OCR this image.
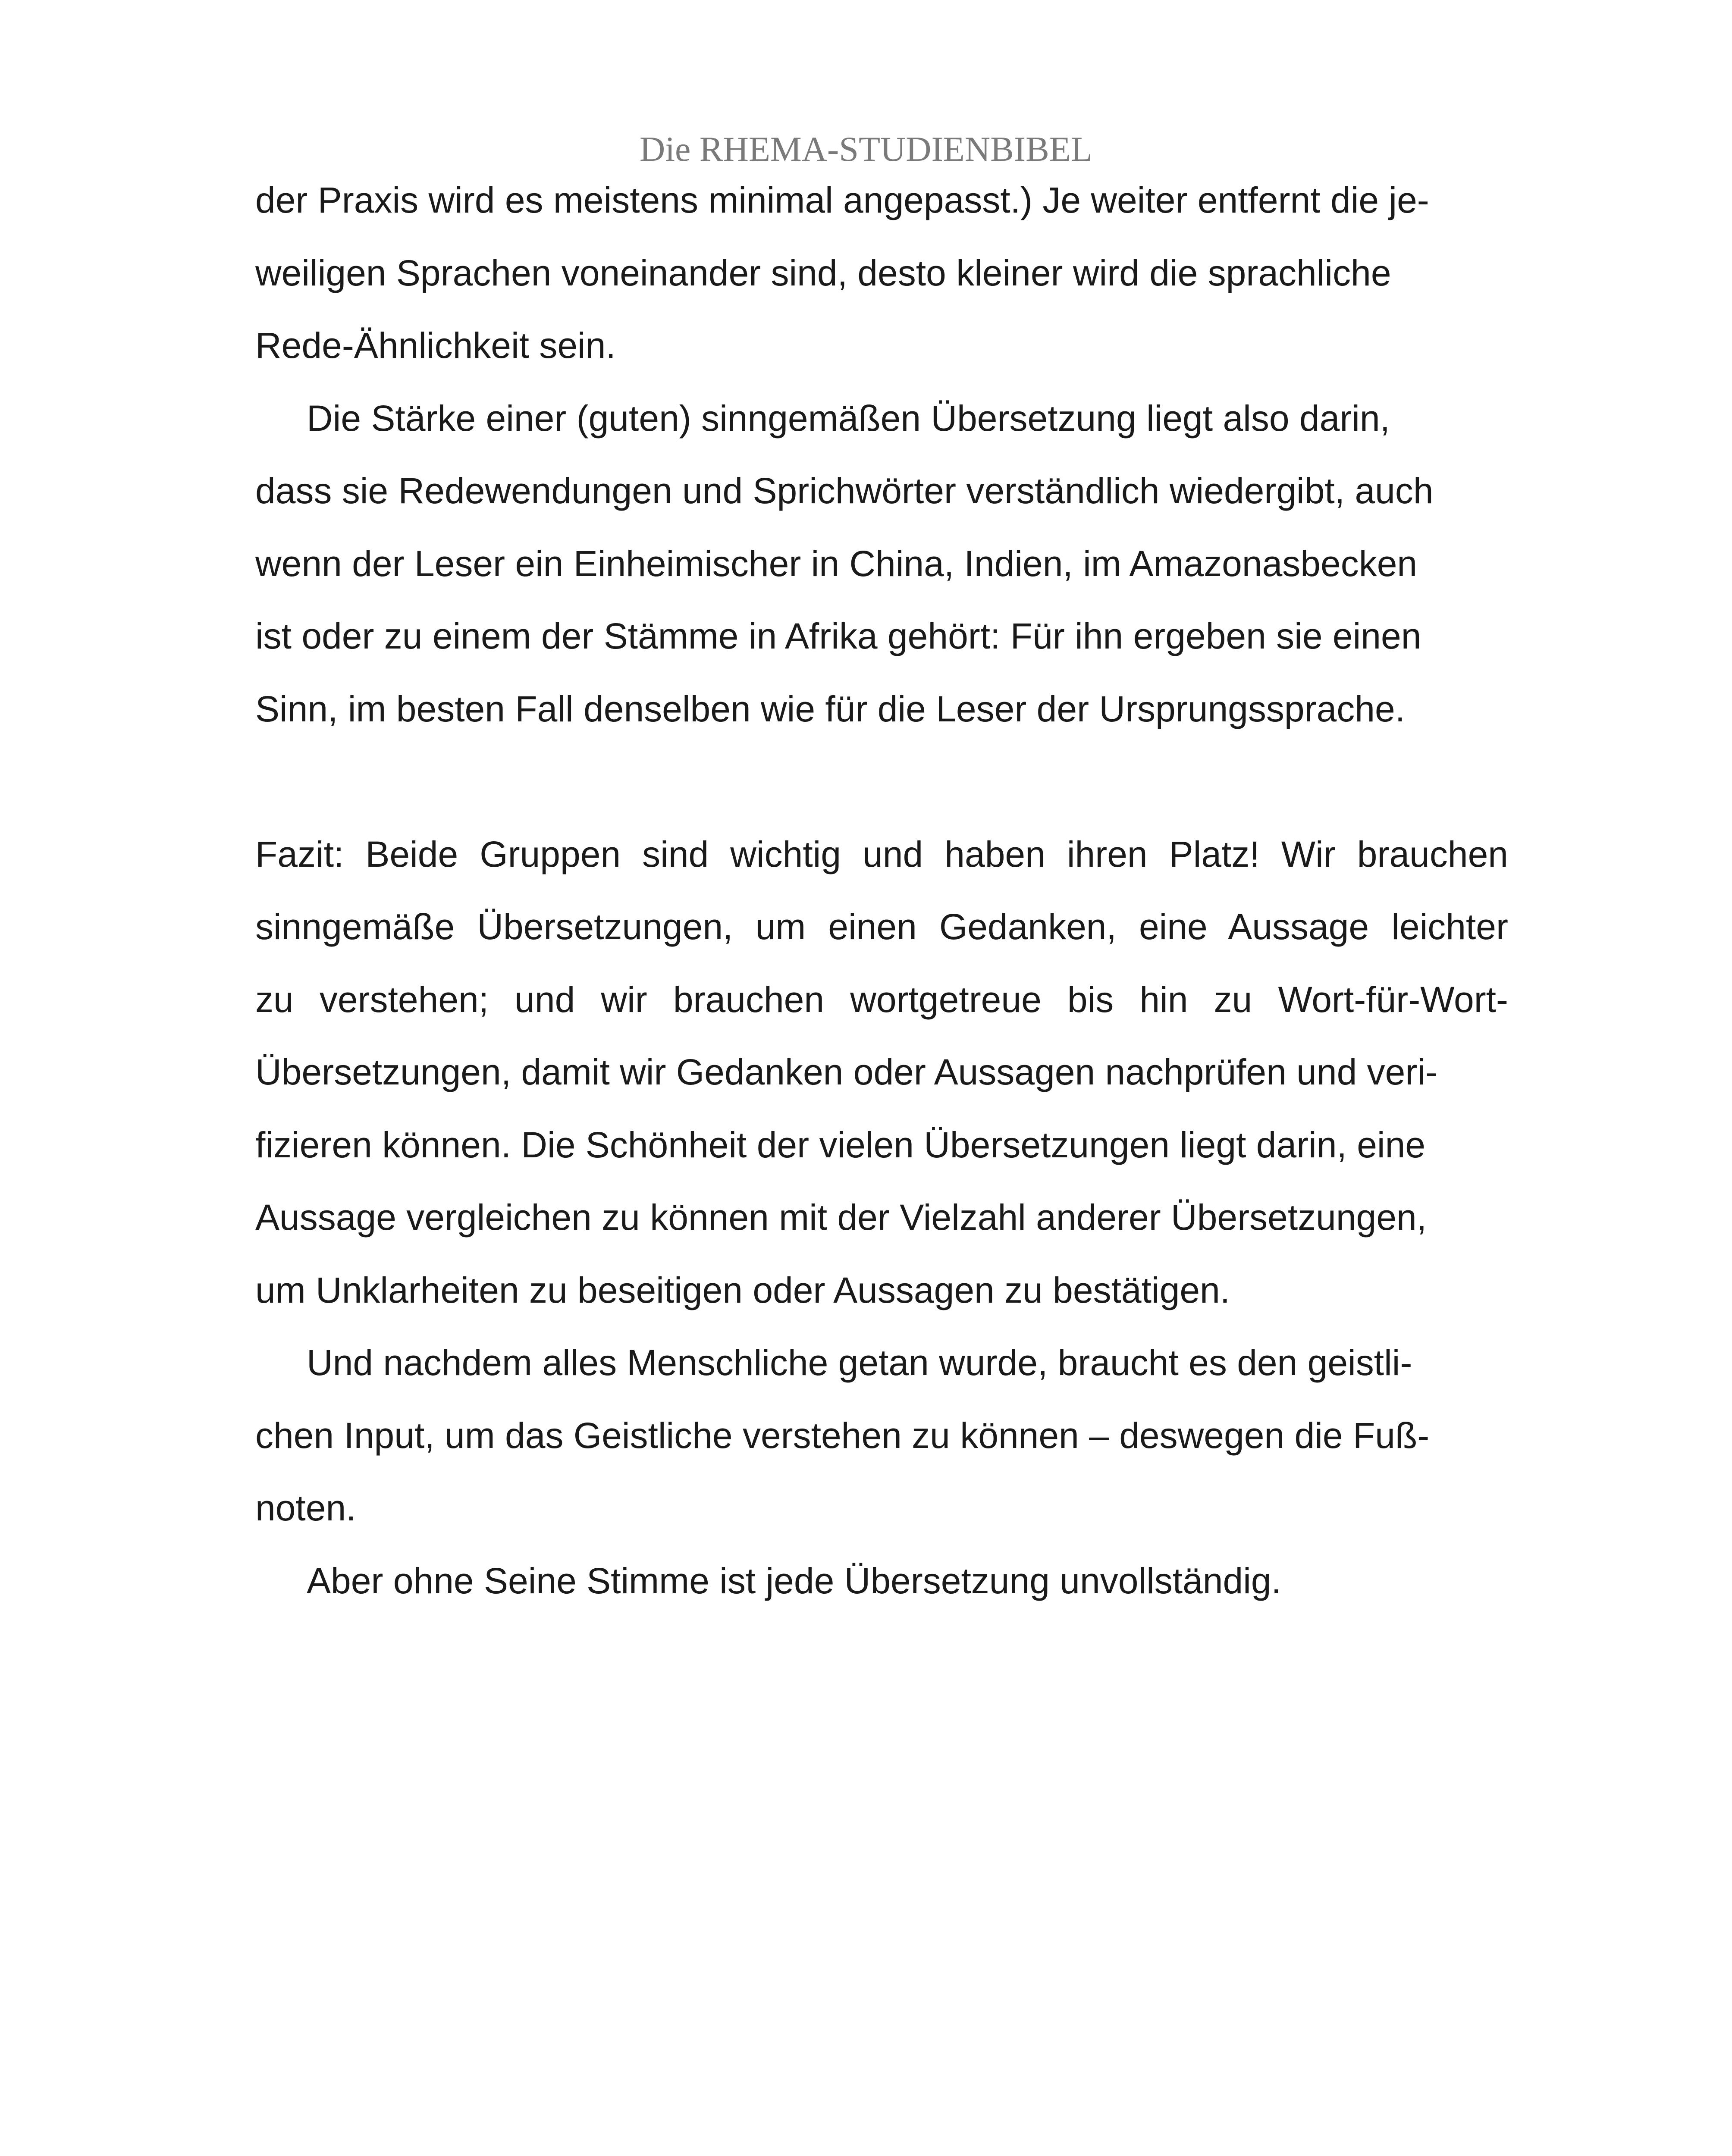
Die RHEMA-STUDIENBIBEL
der Praxis wird es meistens minimal angepasst.) Je weiter entfernt die je-
weiligen Sprachen voneinander sind, desto kleiner wird die sprachliche
Rede-Ähnlichkeit sein.
Die Stärke einer (guten) sinngemäßen Übersetzung liegt also darin,
dass sie Redewendungen und Sprichwörter verständlich wiedergibt, auch
wenn der Leser ein Einheimischer in China, Indien, im Amazonasbecken
ist oder zu einem der Stämme in Afrika gehört: Für ihn ergeben sie einen
Sinn, im besten Fall denselben wie für die Leser der Ursprungssprache.
Fazit: Beide Gruppen sind wichtig und haben ihren Platz! Wir brauchen
sinngemäße Übersetzungen, um einen Gedanken, eine Aussage leichter
zu verstehen; und wir brauchen wortgetreue bis hin zu Wort-für-Wort-
Übersetzungen, damit wir Gedanken oder Aussagen nachprüfen und veri-
fizieren können. Die Schönheit der vielen Übersetzungen liegt darin, eine
Aussage vergleichen zu können mit der Vielzahl anderer Übersetzungen,
um Unklarheiten zu beseitigen oder Aussagen zu bestätigen.
Und nachdem alles Menschliche getan wurde, braucht es den geistli-
chen Input, um das Geistliche verstehen zu können – deswegen die Fuß-
noten.
Aber ohne Seine Stimme ist jede Übersetzung unvollständig.
